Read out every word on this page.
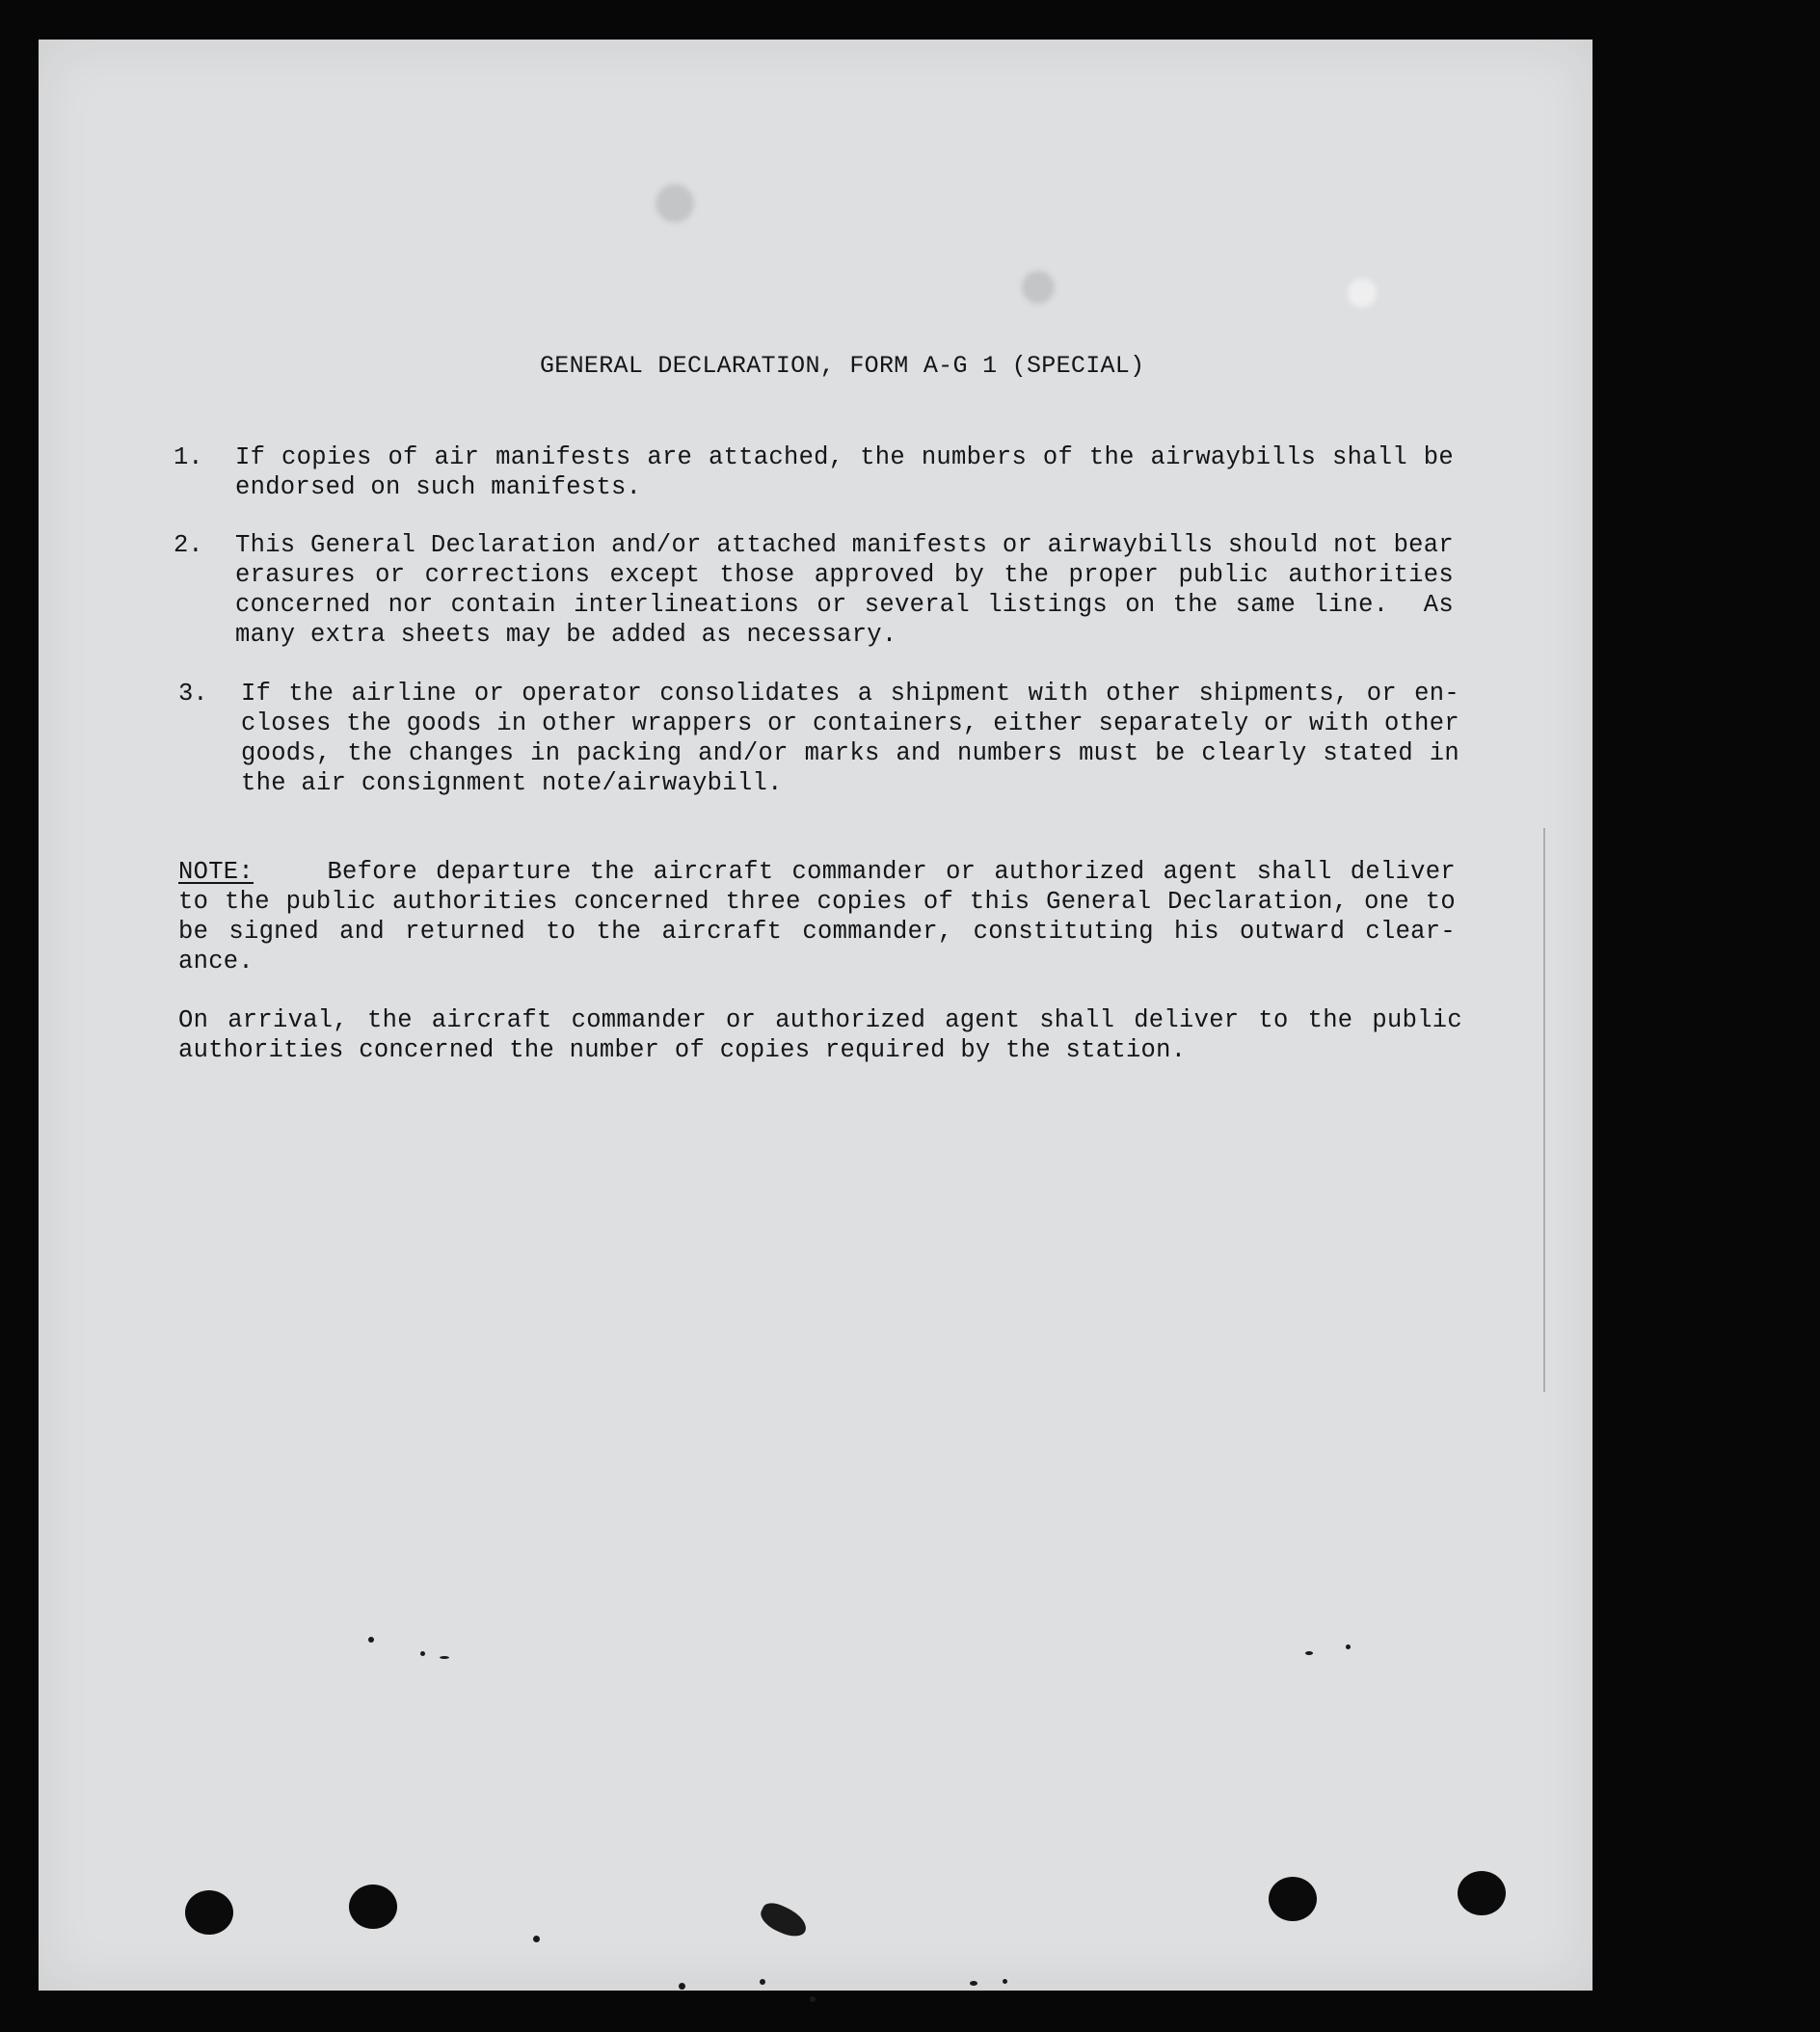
GENERAL DECLARATION, FORM A-G 1 (SPECIAL)
1. If copies of air manifests are attached, the numbers of the airwaybills shall be
endorsed on such manifests.
2. This General Declaration and/or attached manifests or airwaybills should not bear
erasures or corrections except those approved by the proper public authorities
concerned nor contain interlineations or several listings on the same line.  As
many extra sheets may be added as necessary.
3. If the airline or operator consolidates a shipment with other shipments, or en-
closes the goods in other wrappers or containers, either separately or with other
goods, the changes in packing and/or marks and numbers must be clearly stated in
the air consignment note/airwaybill.
NOTE:	Before departure the aircraft commander or authorized agent shall deliver
to the public authorities concerned three copies of this General Declaration, one to
be signed and returned to the aircraft commander, constituting his outward clear-
ance.
On arrival, the aircraft commander or authorized agent shall deliver to the public
authorities concerned the number of copies required by the station.
